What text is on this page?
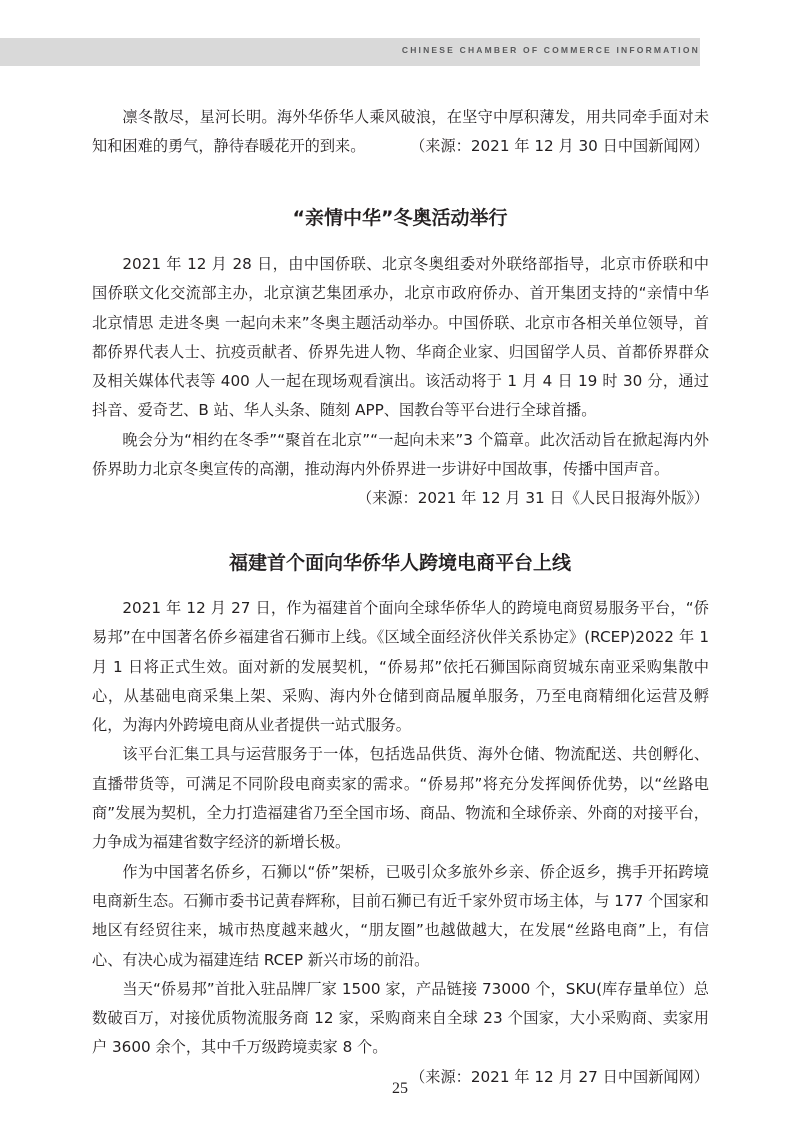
CHINESE CHAMBER OF COMMERCE INFORMATION

凛冬散尽，星河长明。海外华侨华人乘风破浪，在坚守中厚积薄发，用共同牵手面对未知和困难的勇气，静待春暖花开的到来。	（来源：2021 年 12 月 30 日中国新闻网）

“亲情中华”冬奥活动举行

2021 年 12 月 28 日，由中国侨联、北京冬奥组委对外联络部指导，北京市侨联和中国侨联文化交流部主办，北京演艺集团承办，北京市政府侨办、首开集团支持的“亲情中华 北京情思 走进冬奥 一起向未来”冬奥主题活动举办。中国侨联、北京市各相关单位领导，首都侨界代表人士、抗疫贡献者、侨界先进人物、华商企业家、归国留学人员、首都侨界群众及相关媒体代表等 400 人一起在现场观看演出。该活动将于 1 月 4 日 19 时 30 分，通过抖音、爱奇艺、B 站、华人头条、随刻 APP、国教台等平台进行全球首播。

晚会分为“相约在冬季”“聚首在北京”“一起向未来”3 个篇章。此次活动旨在掀起海内外侨界助力北京冬奥宣传的高潮，推动海内外侨界进一步讲好中国故事，传播中国声音。

（来源：2021 年 12 月 31 日《人民日报海外版》）
福建首个面向华侨华人跨境电商平台上线

2021 年 12 月 27 日，作为福建首个面向全球华侨华人的跨境电商贸易服务平台，“侨易邦”在中国著名侨乡福建省石狮市上线。《区域全面经济伙伴关系协定》(RCEP)2022 年 1 月 1 日将正式生效。面对新的发展契机，“侨易邦”依托石狮国际商贸城东南亚采购集散中心，从基础电商采集上架、采购、海内外仓储到商品履单服务，乃至电商精细化运营及孵化，为海内外跨境电商从业者提供一站式服务。

该平台汇集工具与运营服务于一体，包括选品供货、海外仓储、物流配送、共创孵化、直播带货等，可满足不同阶段电商卖家的需求。“侨易邦”将充分发挥闽侨优势，以“丝路电商”发展为契机，全力打造福建省乃至全国市场、商品、物流和全球侨亲、外商的对接平台，力争成为福建省数字经济的新增长极。

作为中国著名侨乡，石狮以“侨”架桥，已吸引众多旅外乡亲、侨企返乡，携手开拓跨境电商新生态。石狮市委书记黄春辉称，目前石狮已有近千家外贸市场主体，与 177 个国家和地区有经贸往来，城市热度越来越火，“朋友圈”也越做越大，在发展“丝路电商”上，有信心、有决心成为福建连结 RCEP 新兴市场的前沿。

当天“侨易邦”首批入驻品牌厂家 1500 家，产品链接 73000 个，SKU(库存量单位）总数破百万，对接优质物流服务商 12 家，采购商来自全球 23 个国家，大小采购商、卖家用户 3600 余个，其中千万级跨境卖家 8 个。
（来源：2021 年 12 月 27 日中国新闻网）

25
